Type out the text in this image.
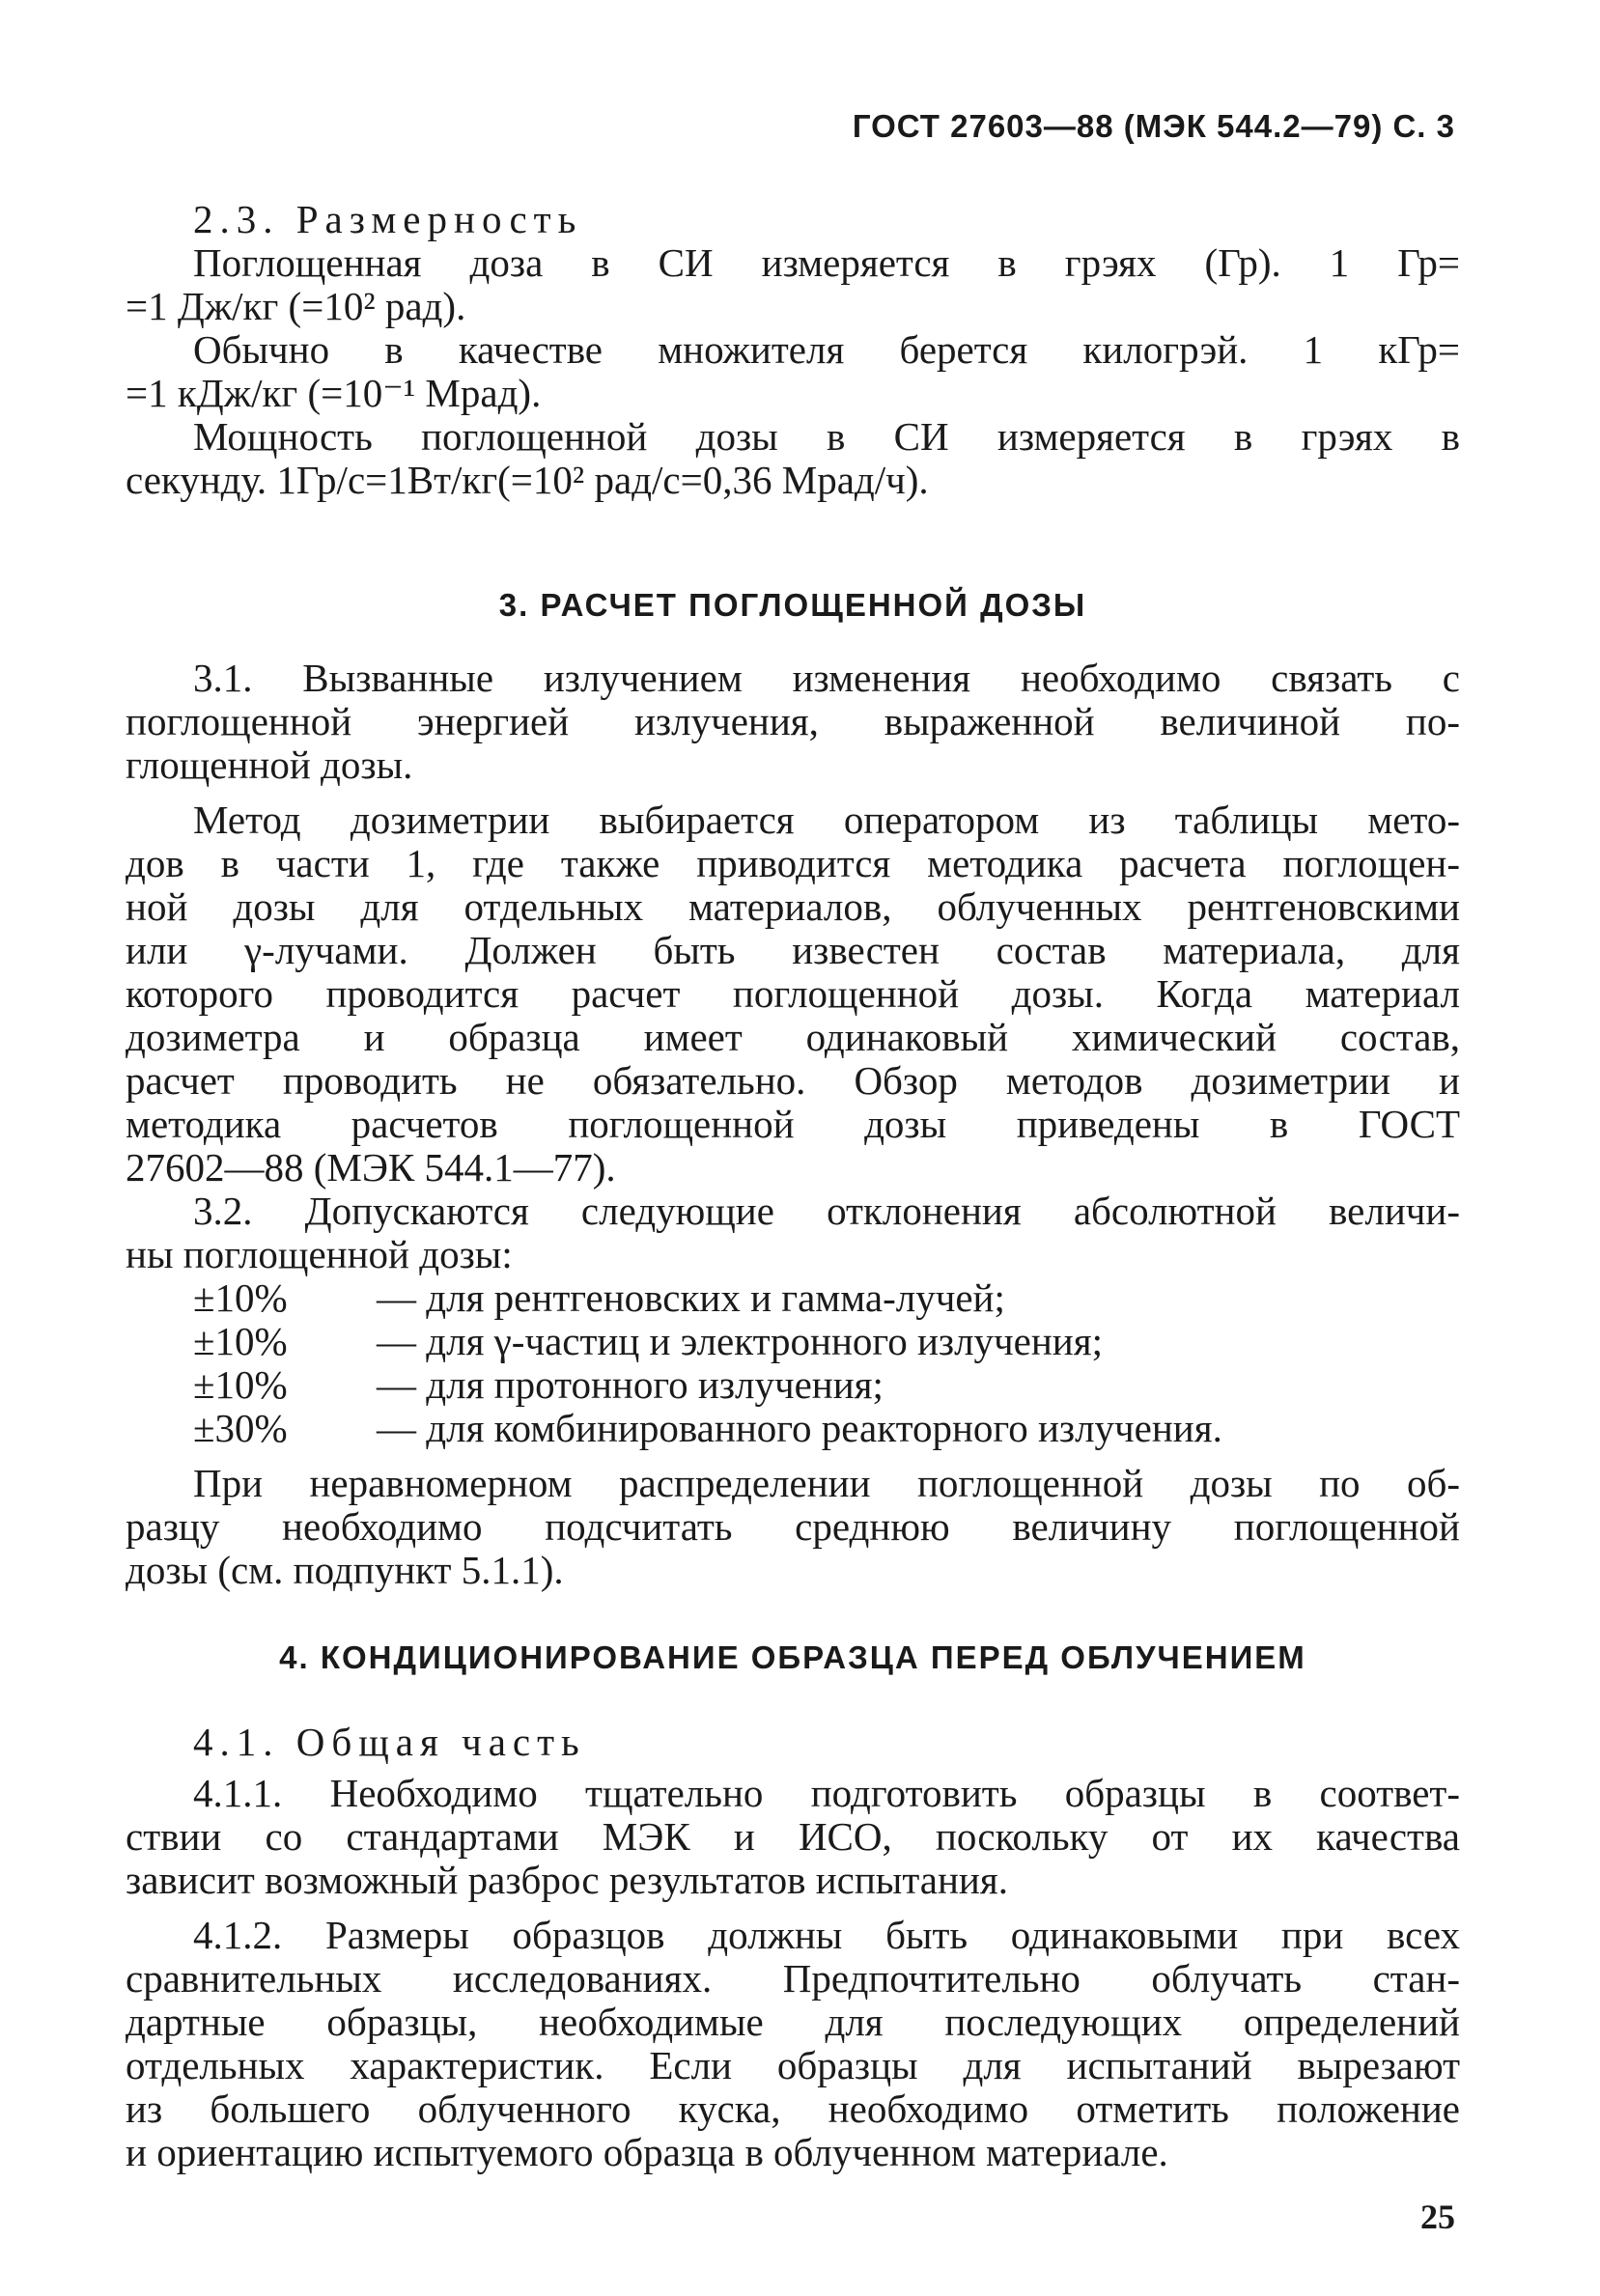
ГОСТ 27603—88 (МЭК 544.2—79) С. 3

2.3. Размерность

Поглощенная доза в СИ измеряется в грэях (Гр). 1 Гр=

=1 Дж/кг (=10² рад).

Обычно в качестве множителя берется килогрэй. 1 кГр=

=1 кДж/кг (=10⁻¹ Мрад).

Мощность поглощенной дозы в СИ измеряется в грэях в

секунду. 1Гр/с=1Вт/кг(=10² рад/с=0,36 Мрад/ч).

3. РАСЧЕТ ПОГЛОЩЕННОЙ ДОЗЫ

3.1. Вызванные излучением изменения необходимо связать с

поглощенной энергией излучения, выраженной величиной по-

глощенной дозы.

Метод дозиметрии выбирается оператором из таблицы мето-

дов в части 1, где также приводится методика расчета поглощен-

ной дозы для отдельных материалов, облученных рентгеновскими

или γ-лучами. Должен быть известен состав материала, для

которого проводится расчет поглощенной дозы. Когда материал

дозиметра и образца имеет одинаковый химический состав,

расчет проводить не обязательно. Обзор методов дозиметрии и

методика расчетов поглощенной дозы приведены в ГОСТ

27602—88 (МЭК 544.1—77).

3.2. Допускаются следующие отклонения абсолютной величи-

ны поглощенной дозы:

±10%	— для рентгеновских и гамма-лучей;
±10%	— для γ-частиц и электронного излучения;
±10%	— для протонного излучения;
±30%	— для комбинированного реакторного излучения.

При неравномерном распределении поглощенной дозы по об-

разцу необходимо подсчитать среднюю величину поглощенной

дозы (см. подпункт 5.1.1).

4. КОНДИЦИОНИРОВАНИЕ ОБРАЗЦА ПЕРЕД ОБЛУЧЕНИЕМ

4.1. Общая часть

4.1.1. Необходимо тщательно подготовить образцы в соответ-

ствии со стандартами МЭК и ИСО, поскольку от их качества

зависит возможный разброс результатов испытания.

4.1.2. Размеры образцов должны быть одинаковыми при всех

сравнительных исследованиях. Предпочтительно облучать стан-

дартные образцы, необходимые для последующих определений

отдельных характеристик. Если образцы для испытаний вырезают

из большего облученного куска, необходимо отметить положение

и ориентацию испытуемого образца в облученном материале.

25
